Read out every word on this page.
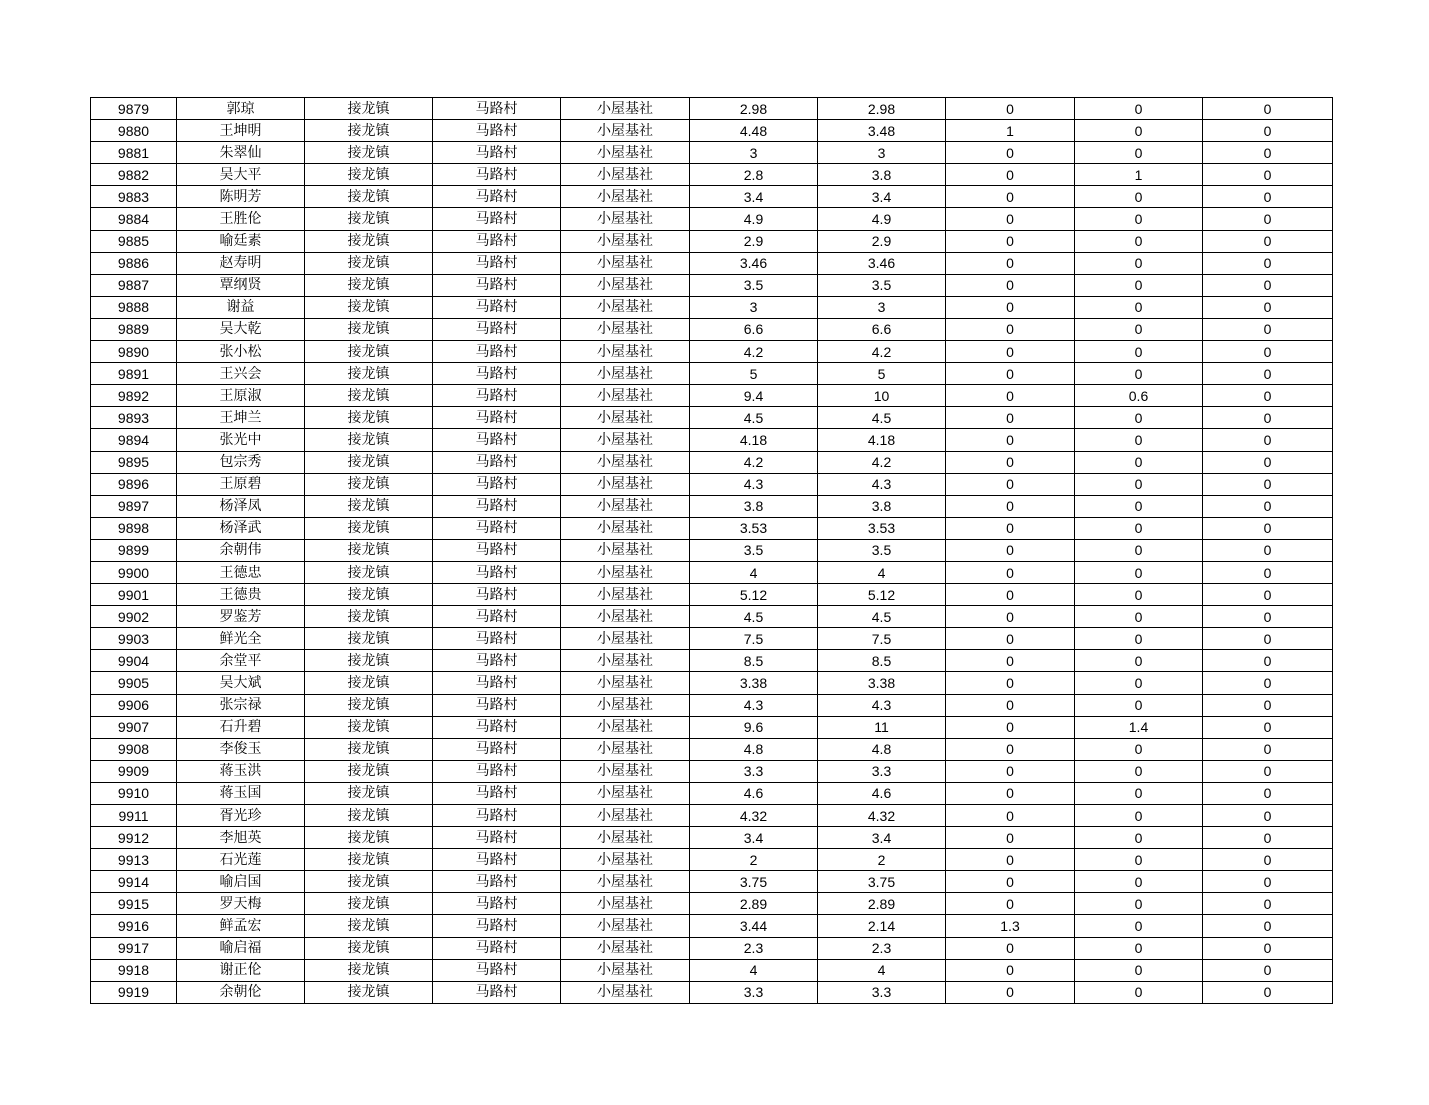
9879	郭琼	接龙镇	马路村	小屋基社	2.98	2.98	0	0	0
9880	王坤明	接龙镇	马路村	小屋基社	4.48	3.48	1	0	0
9881	朱翠仙	接龙镇	马路村	小屋基社	3	3	0	0	0
9882	吴大平	接龙镇	马路村	小屋基社	2.8	3.8	0	1	0
9883	陈明芳	接龙镇	马路村	小屋基社	3.4	3.4	0	0	0
9884	王胜伦	接龙镇	马路村	小屋基社	4.9	4.9	0	0	0
9885	喻廷素	接龙镇	马路村	小屋基社	2.9	2.9	0	0	0
9886	赵寿明	接龙镇	马路村	小屋基社	3.46	3.46	0	0	0
9887	覃纲贤	接龙镇	马路村	小屋基社	3.5	3.5	0	0	0
9888	谢益	接龙镇	马路村	小屋基社	3	3	0	0	0
9889	吴大乾	接龙镇	马路村	小屋基社	6.6	6.6	0	0	0
9890	张小松	接龙镇	马路村	小屋基社	4.2	4.2	0	0	0
9891	王兴会	接龙镇	马路村	小屋基社	5	5	0	0	0
9892	王原淑	接龙镇	马路村	小屋基社	9.4	10	0	0.6	0
9893	王坤兰	接龙镇	马路村	小屋基社	4.5	4.5	0	0	0
9894	张光中	接龙镇	马路村	小屋基社	4.18	4.18	0	0	0
9895	包宗秀	接龙镇	马路村	小屋基社	4.2	4.2	0	0	0
9896	王原碧	接龙镇	马路村	小屋基社	4.3	4.3	0	0	0
9897	杨泽凤	接龙镇	马路村	小屋基社	3.8	3.8	0	0	0
9898	杨泽武	接龙镇	马路村	小屋基社	3.53	3.53	0	0	0
9899	余朝伟	接龙镇	马路村	小屋基社	3.5	3.5	0	0	0
9900	王德忠	接龙镇	马路村	小屋基社	4	4	0	0	0
9901	王德贵	接龙镇	马路村	小屋基社	5.12	5.12	0	0	0
9902	罗鉴芳	接龙镇	马路村	小屋基社	4.5	4.5	0	0	0
9903	鲜光全	接龙镇	马路村	小屋基社	7.5	7.5	0	0	0
9904	余堂平	接龙镇	马路村	小屋基社	8.5	8.5	0	0	0
9905	吴大斌	接龙镇	马路村	小屋基社	3.38	3.38	0	0	0
9906	张宗禄	接龙镇	马路村	小屋基社	4.3	4.3	0	0	0
9907	石升碧	接龙镇	马路村	小屋基社	9.6	11	0	1.4	0
9908	李俊玉	接龙镇	马路村	小屋基社	4.8	4.8	0	0	0
9909	蒋玉洪	接龙镇	马路村	小屋基社	3.3	3.3	0	0	0
9910	蒋玉国	接龙镇	马路村	小屋基社	4.6	4.6	0	0	0
9911	胥光珍	接龙镇	马路村	小屋基社	4.32	4.32	0	0	0
9912	李旭英	接龙镇	马路村	小屋基社	3.4	3.4	0	0	0
9913	石光莲	接龙镇	马路村	小屋基社	2	2	0	0	0
9914	喻启国	接龙镇	马路村	小屋基社	3.75	3.75	0	0	0
9915	罗天梅	接龙镇	马路村	小屋基社	2.89	2.89	0	0	0
9916	鲜孟宏	接龙镇	马路村	小屋基社	3.44	2.14	1.3	0	0
9917	喻启福	接龙镇	马路村	小屋基社	2.3	2.3	0	0	0
9918	谢正伦	接龙镇	马路村	小屋基社	4	4	0	0	0
9919	余朝伦	接龙镇	马路村	小屋基社	3.3	3.3	0	0	0
